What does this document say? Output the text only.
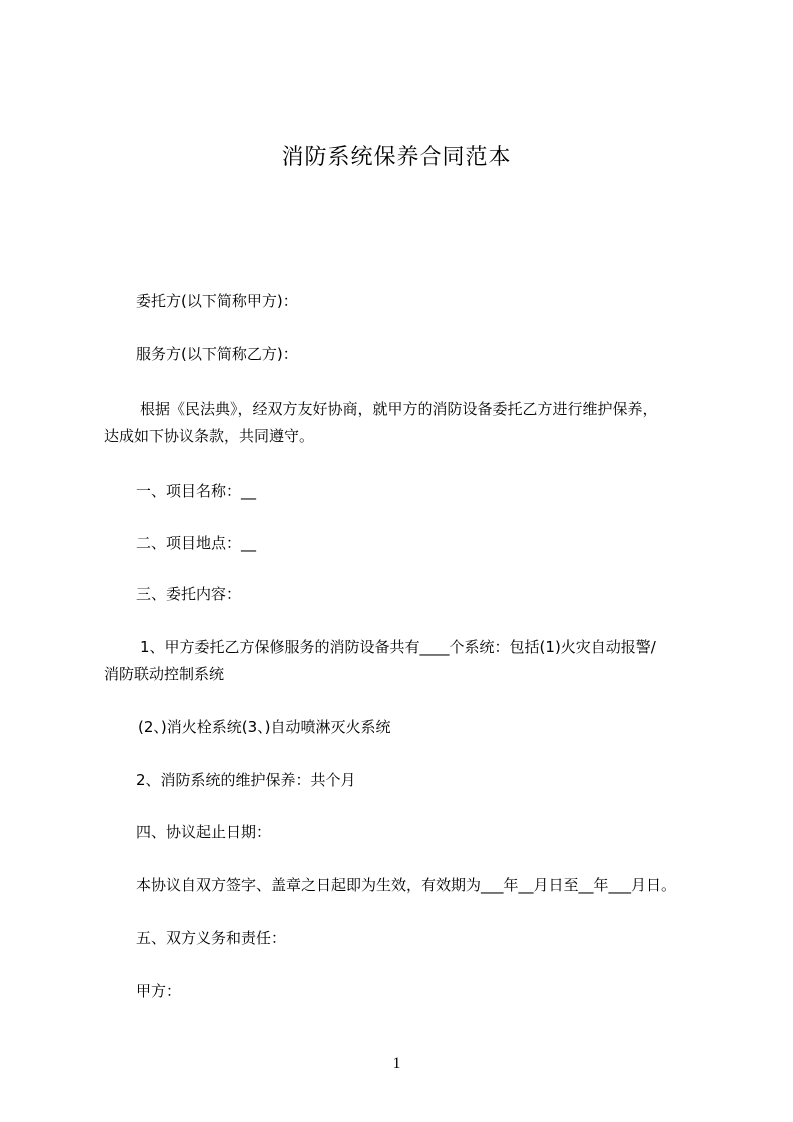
消防系统保养合同范本

委托方(以下简称甲方)：

服务方(以下简称乙方)：

根据《民法典》，经双方友好协商，就甲方的消防设备委托乙方进行维护保养，

达成如下协议条款，共同遵守。

一、项目名称：__

二、项目地点：__

三、委托内容：

1、甲方委托乙方保修服务的消防设备共有____个系统：包括(1)火灾自动报警/

消防联动控制系统

(2、)消火栓系统(3、)自动喷淋灭火系统

2、消防系统的维护保养：共个月

四、协议起止日期：

本协议自双方签字、盖章之日起即为生效，有效期为___年__月日至__年___月日。

五、双方义务和责任：

甲方：

1
